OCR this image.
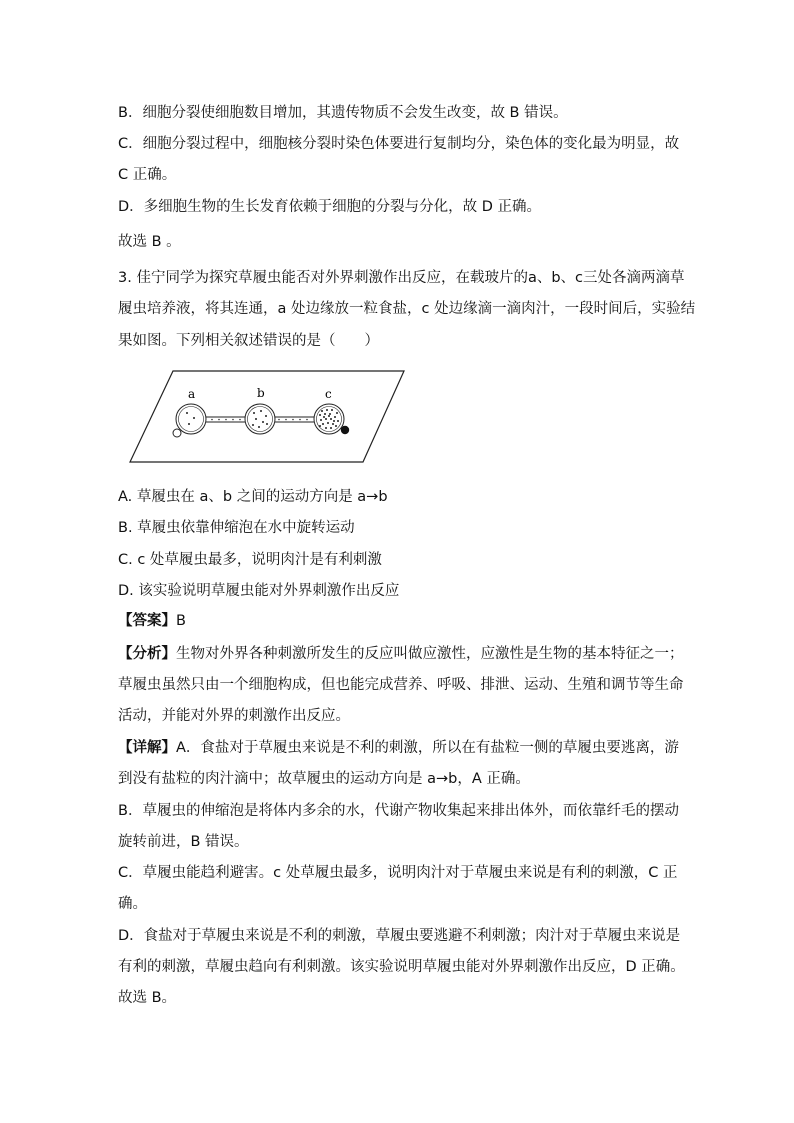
B．细胞分裂使细胞数目增加，其遗传物质不会发生改变，故 B 错误。
C．细胞分裂过程中，细胞核分裂时染色体要进行复制均分，染色体的变化最为明显，故
C 正确。
D．多细胞生物的生长发育依赖于细胞的分裂与分化，故 D 正确。
故选 B 。
3. 佳宁同学为探究草履虫能否对外界刺激作出反应，在载玻片的a、b、c三处各滴两滴草
履虫培养液，将其连通，a 处边缘放一粒食盐，c 处边缘滴一滴肉汁，一段时间后，实验结
果如图。下列相关叙述错误的是（　　）
a	b	c
A. 草履虫在 a、b 之间的运动方向是 a→b
B. 草履虫依靠伸缩泡在水中旋转运动
C. c 处草履虫最多，说明肉汁是有利刺激
D. 该实验说明草履虫能对外界刺激作出反应
【答案】B
【分析】生物对外界各种刺激所发生的反应叫做应激性，应激性是生物的基本特征之一；
草履虫虽然只由一个细胞构成，但也能完成营养、呼吸、排泄、运动、生殖和调节等生命
活动，并能对外界的刺激作出反应。
【详解】A．食盐对于草履虫来说是不利的刺激，所以在有盐粒一侧的草履虫要逃离，游
到没有盐粒的肉汁滴中；故草履虫的运动方向是 a→b，A 正确。
B．草履虫的伸缩泡是将体内多余的水，代谢产物收集起来排出体外，而依靠纤毛的摆动
旋转前进，B 错误。
C．草履虫能趋利避害。c 处草履虫最多，说明肉汁对于草履虫来说是有利的刺激，C 正
确。
D．食盐对于草履虫来说是不利的刺激，草履虫要逃避不利刺激；肉汁对于草履虫来说是
有利的刺激，草履虫趋向有利刺激。该实验说明草履虫能对外界刺激作出反应，D 正确。
故选 B。
